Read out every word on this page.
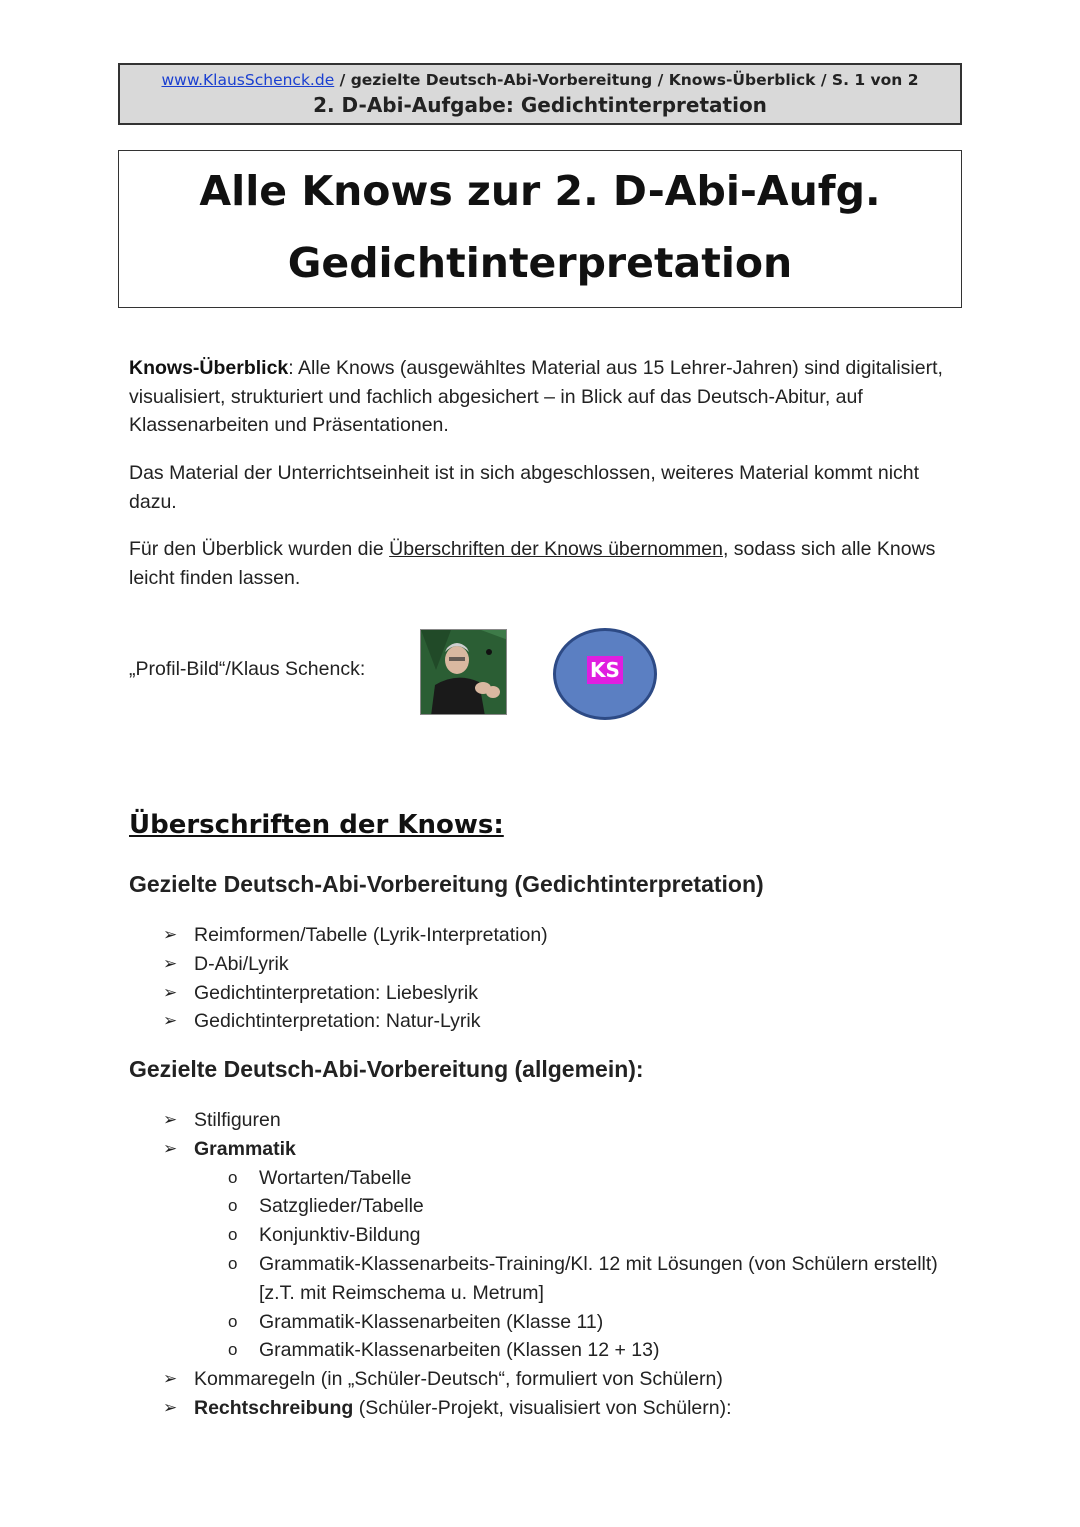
www.KlausSchenck.de / gezielte Deutsch-Abi-Vorbereitung / Knows-Überblick / S. 1 von 2
2. D-Abi-Aufgabe: Gedichtinterpretation
Alle Knows zur 2. D-Abi-Aufg.
Gedichtinterpretation
Knows-Überblick: Alle Knows (ausgewähltes Material aus 15 Lehrer-Jahren) sind digitalisiert, visualisiert, strukturiert und fachlich abgesichert – in Blick auf das Deutsch-Abitur, auf Klassenarbeiten und Präsentationen.
Das Material der Unterrichtseinheit ist in sich abgeschlossen, weiteres Material kommt nicht dazu.
Für den Überblick wurden die Überschriften der Knows übernommen, sodass sich alle Knows leicht finden lassen.
„Profil-Bild“/Klaus Schenck:	KS
Überschriften der Knows:
Gezielte Deutsch-Abi-Vorbereitung (Gedichtinterpretation)
➢ Reimformen/Tabelle (Lyrik-Interpretation)
➢ D-Abi/Lyrik
➢ Gedichtinterpretation: Liebeslyrik
➢ Gedichtinterpretation: Natur-Lyrik
Gezielte Deutsch-Abi-Vorbereitung (allgemein):
➢ Stilfiguren
➢ Grammatik
o Wortarten/Tabelle
o Satzglieder/Tabelle
o Konjunktiv-Bildung
o Grammatik-Klassenarbeits-Training/Kl. 12 mit Lösungen (von Schülern erstellt) [z.T. mit Reimschema u. Metrum]
o Grammatik-Klassenarbeiten (Klasse 11)
o Grammatik-Klassenarbeiten (Klassen 12 + 13)
➢ Kommaregeln (in „Schüler-Deutsch“, formuliert von Schülern)
➢ Rechtschreibung (Schüler-Projekt, visualisiert von Schülern):
